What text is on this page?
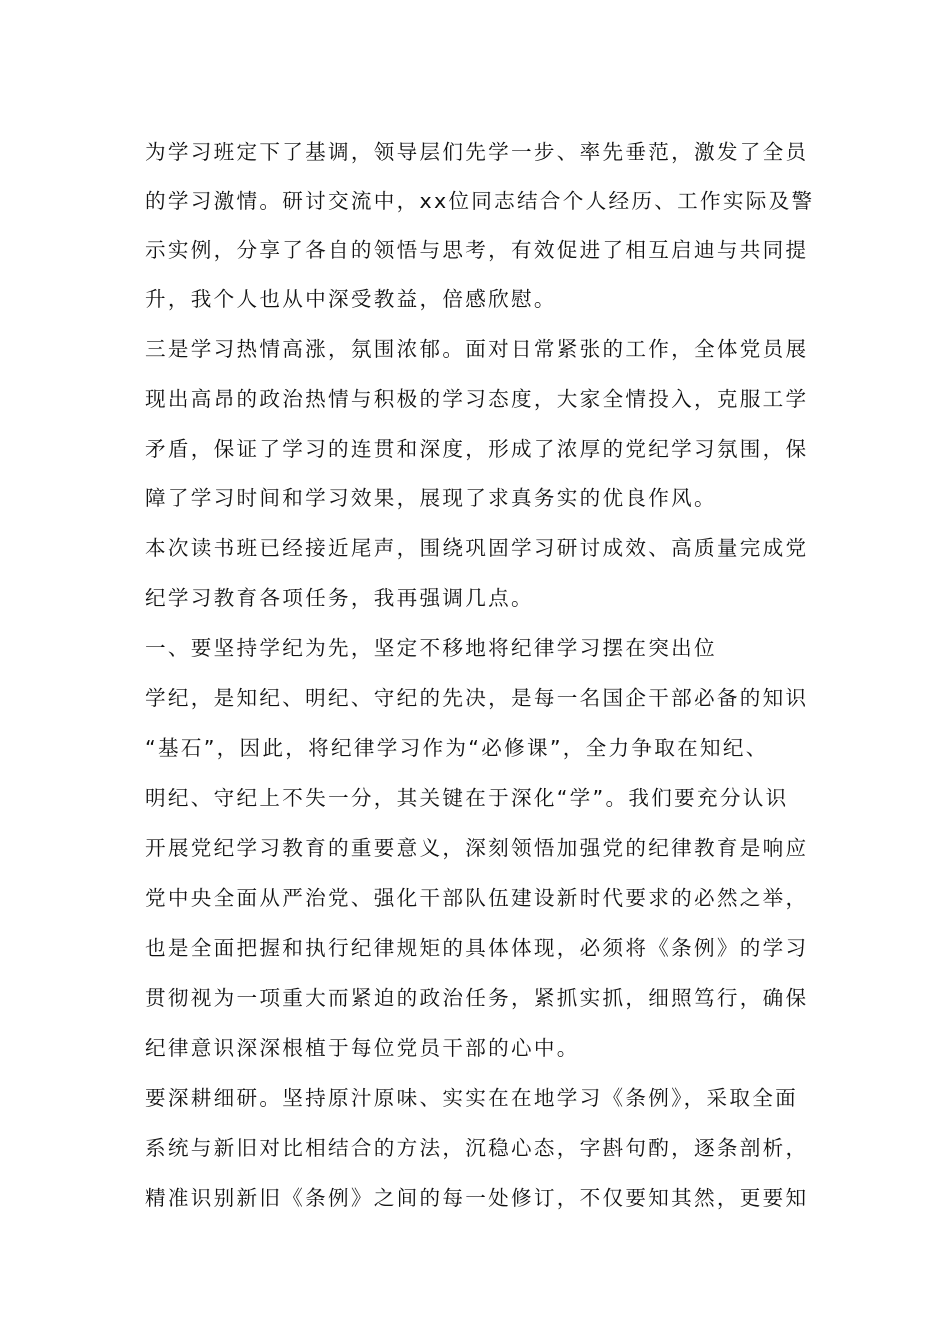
为学习班定下了基调，领导层们先学一步、率先垂范，激发了全员
的学习激情。研讨交流中，xx位同志结合个人经历、工作实际及警
示实例，分享了各自的领悟与思考，有效促进了相互启迪与共同提
升，我个人也从中深受教益，倍感欣慰。
三是学习热情高涨，氛围浓郁。面对日常紧张的工作，全体党员展
现出高昂的政治热情与积极的学习态度，大家全情投入，克服工学
矛盾，保证了学习的连贯和深度，形成了浓厚的党纪学习氛围，保
障了学习时间和学习效果，展现了求真务实的优良作风。
本次读书班已经接近尾声，围绕巩固学习研讨成效、高质量完成党
纪学习教育各项任务，我再强调几点。
一、要坚持学纪为先，坚定不移地将纪律学习摆在突出位
学纪，是知纪、明纪、守纪的先决，是每一名国企干部必备的知识
“基石”，因此，将纪律学习作为“必修课”，全力争取在知纪、
明纪、守纪上不失一分，其关键在于深化“学”。我们要充分认识
开展党纪学习教育的重要意义，深刻领悟加强党的纪律教育是响应
党中央全面从严治党、强化干部队伍建设新时代要求的必然之举，
也是全面把握和执行纪律规矩的具体体现，必须将《条例》的学习
贯彻视为一项重大而紧迫的政治任务，紧抓实抓，细照笃行，确保
纪律意识深深根植于每位党员干部的心中。
要深耕细研。坚持原汁原味、实实在在地学习《条例》，采取全面
系统与新旧对比相结合的方法，沉稳心态，字斟句酌，逐条剖析，
精准识别新旧《条例》之间的每一处修订，不仅要知其然，更要知
